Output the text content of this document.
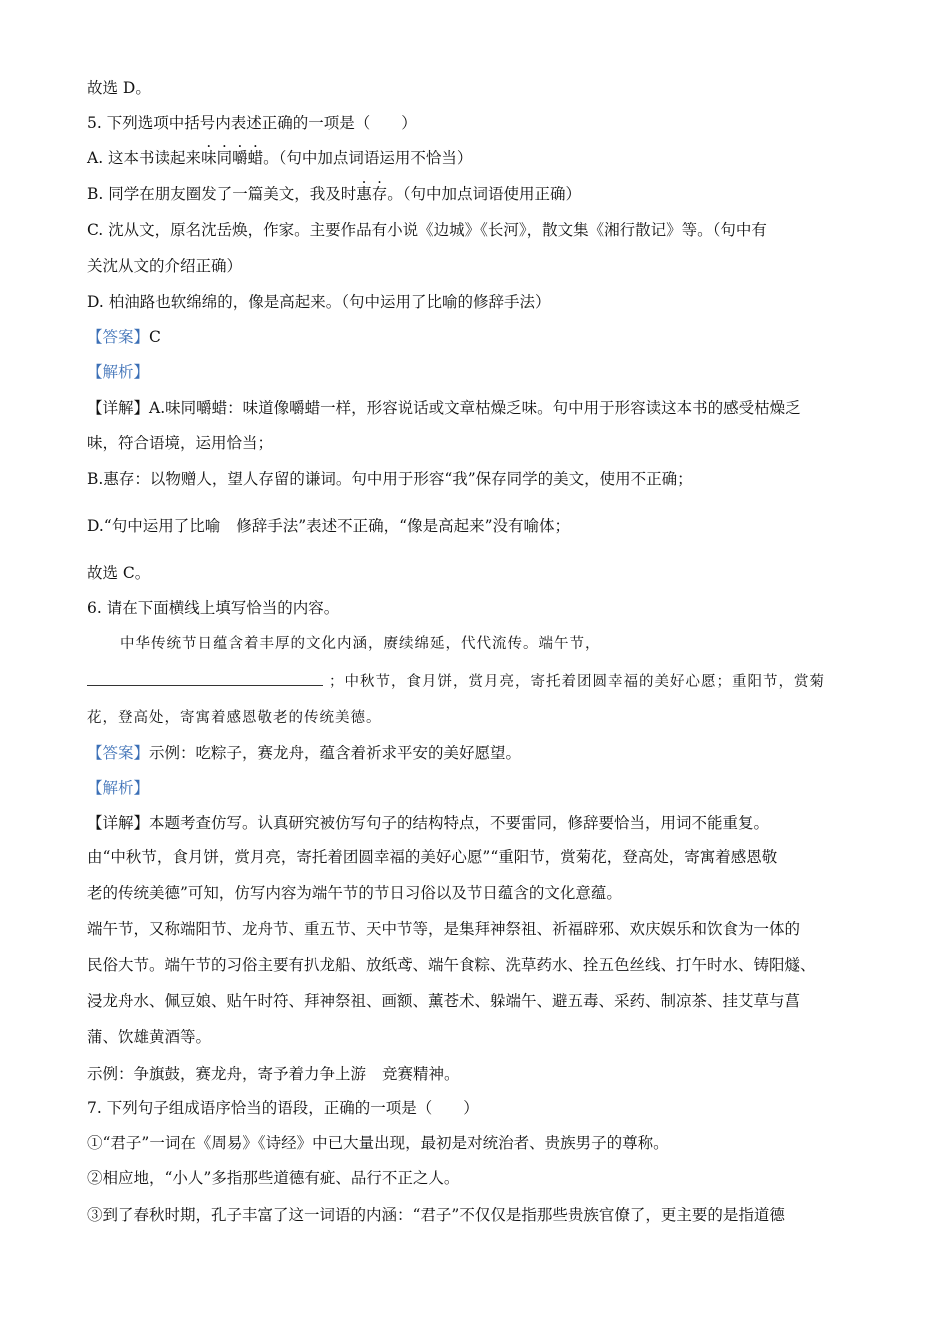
故选 D。
5. 下列选项中括号内表述正确的一项是（　　）
A. 这本书读起来味同嚼蜡。（句中加点词语运用不恰当）
B. 同学在朋友圈发了一篇美文，我及时惠存。（句中加点词语使用正确）
C. 沈从文，原名沈岳焕，作家。主要作品有小说《边城》《长河》，散文集《湘行散记》等。（句中有
关沈从文的介绍正确）
D. 柏油路也软绵绵的，像是高起来。（句中运用了比喻的修辞手法）
【答案】C
【解析】
【详解】A.味同嚼蜡：味道像嚼蜡一样，形容说话或文章枯燥乏味。句中用于形容读这本书的感受枯燥乏
味，符合语境，运用恰当；
B.惠存：以物赠人，望人存留的谦词。句中用于形容“我”保存同学的美文，使用不正确；
D.“句中运用了比喻 修辞手法”表述不正确，“像是高起来”没有喻体；
故选 C。
6. 请在下面横线上填写恰当的内容。
中华传统节日蕴含着丰厚的文化内涵，赓续绵延，代代流传。端午节，
；中秋节，食月饼，赏月亮，寄托着团圆幸福的美好心愿；重阳节，赏菊
花，登高处，寄寓着感恩敬老的传统美德。
【答案】示例：吃粽子，赛龙舟，蕴含着祈求平安的美好愿望。
【解析】
【详解】本题考查仿写。认真研究被仿写句子的结构特点，不要雷同，修辞要恰当，用词不能重复。
由“中秋节，食月饼，赏月亮，寄托着团圆幸福的美好心愿”“重阳节，赏菊花，登高处，寄寓着感恩敬
老的传统美德”可知，仿写内容为端午节的节日习俗以及节日蕴含的文化意蕴。
端午节，又称端阳节、龙舟节、重五节、天中节等，是集拜神祭祖、祈福辟邪、欢庆娱乐和饮食为一体的
民俗大节。端午节的习俗主要有扒龙船、放纸鸢、端午食粽、洗草药水、拴五色丝线、打午时水、铸阳燧、
浸龙舟水、佩豆娘、贴午时符、拜神祭祖、画额、薰苍术、躲端午、避五毒、采药、制凉茶、挂艾草与菖
蒲、饮雄黄酒等。
示例：争旗鼓，赛龙舟，寄予着力争上游 竞赛精神。
7. 下列句子组成语序恰当的语段，正确的一项是（　　）
①“君子”一词在《周易》《诗经》中已大量出现，最初是对统治者、贵族男子的尊称。
②相应地，“小人”多指那些道德有疵、品行不正之人。
③到了春秋时期，孔子丰富了这一词语的内涵：“君子”不仅仅是指那些贵族官僚了，更主要的是指道德
